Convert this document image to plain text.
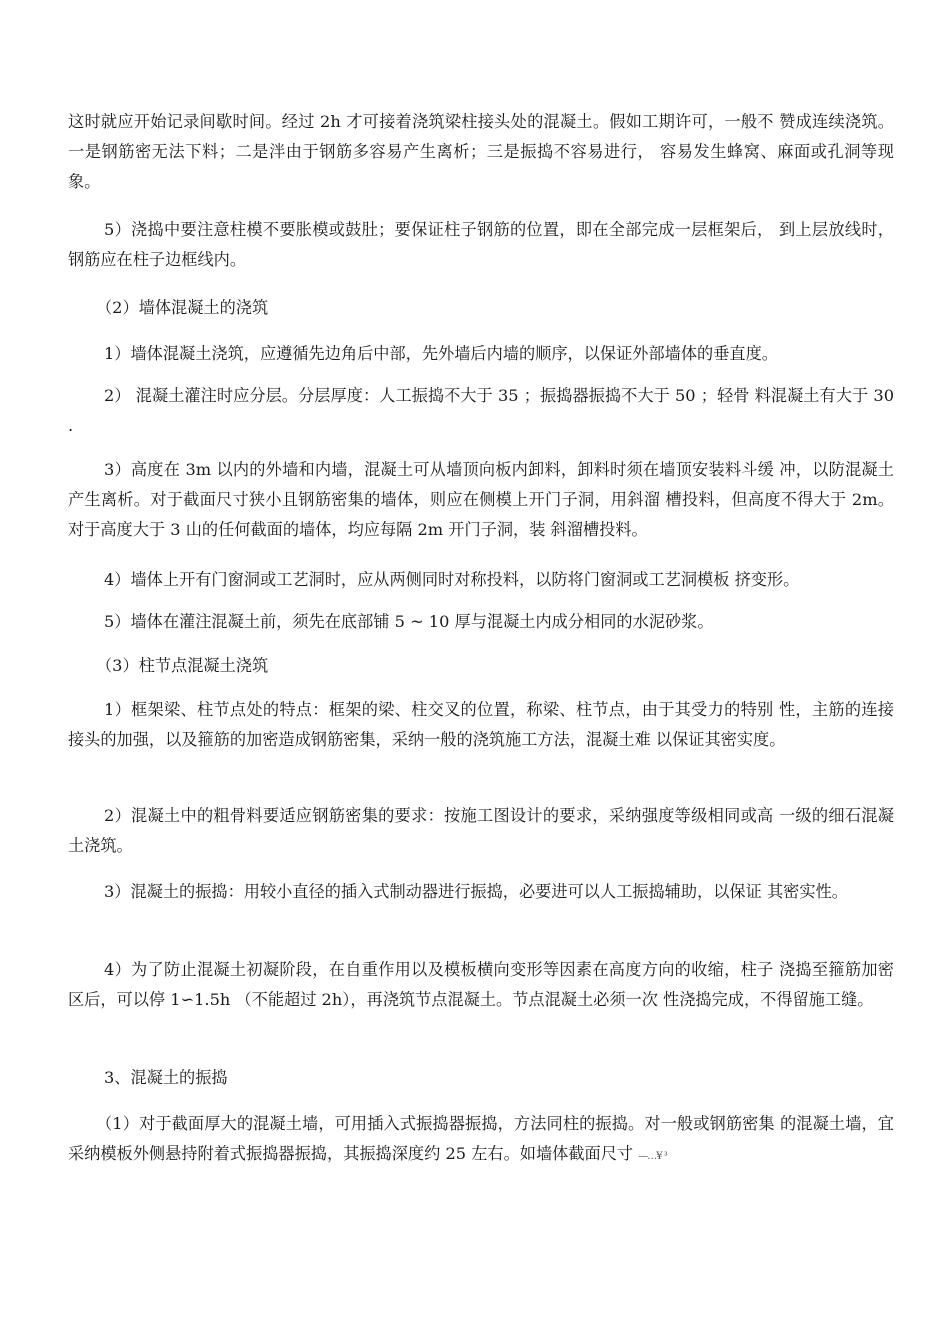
这时就应开始记录间歇时间。经过 2h 才可接着浇筑梁柱接头处的混凝土。假如工期许可，一般不 赞成连续浇筑。一是钢筋密无法下料；二是泮由于钢筋多容易产生离析；三是振捣不容易进行， 容易发生蜂窝、麻面或孔洞等现象。

5）浇捣中要注意柱模不要胀模或鼓肚；要保证柱子钢筋的位置，即在全部完成一层框架后， 到上层放线时，钢筋应在柱子边框线内。

（2）墙体混凝土的浇筑

1）墙体混凝土浇筑，应遵循先边角后中部，先外墙后内墙的顺序，以保证外部墙体的垂直度。

2） 混凝土灌注时应分层。分层厚度：人工振捣不大于 35 ；振捣器振捣不大于 50 ；轻骨 料混凝土有大于 30 .

3）高度在 3m 以内的外墙和内墙，混凝土可从墙顶向板内卸料，卸料时须在墙顶安装料斗缓 冲，以防混凝土产生离析。对于截面尺寸狭小且钢筋密集的墙体，则应在侧模上开门子洞，用斜溜 槽投料，但高度不得大于 2m。对于高度大于 3 山的任何截面的墙体，均应每隔 2m 开门子洞，装 斜溜槽投料。

4）墙体上开有门窗洞或工艺洞时，应从两侧同时对称投料，以防将门窗洞或工艺洞模板 挤变形。

5）墙体在灌注混凝土前，须先在底部铺 5 ~ 10 厚与混凝土内成分相同的水泥砂浆。

（3）柱节点混凝土浇筑

1）框架梁、柱节点处的特点：框架的梁、柱交叉的位置，称梁、柱节点，由于其受力的特别 性，主筋的连接接头的加强，以及箍筋的加密造成钢筋密集，采纳一般的浇筑施工方法，混凝土难 以保证其密实度。

2）混凝土中的粗骨料要适应钢筋密集的要求：按施工图设计的要求，采纳强度等级相同或高 一级的细石混凝土浇筑。

3）混凝土的振捣：用较小直径的插入式制动器进行振捣，必要进可以人工振捣辅助，以保证 其密实性。

4）为了防止混凝土初凝阶段，在自重作用以及模板横向变形等因素在高度方向的收缩，柱子 浇捣至箍筋加密区后，可以停 1∽1.5h （不能超过 2h），再浇筑节点混凝土。节点混凝土必须一次 性浇捣完成，不得留施工缝。

3、混凝土的振捣

（1）对于截面厚大的混凝土墙，可用插入式振捣器振捣，方法同柱的振捣。对一般或钢筋密集 的混凝土墙，宜采纳模板外侧悬持附着式振捣器振捣，其振捣深度约 25 左右。如墙体截面尺寸 —…¥ ³
